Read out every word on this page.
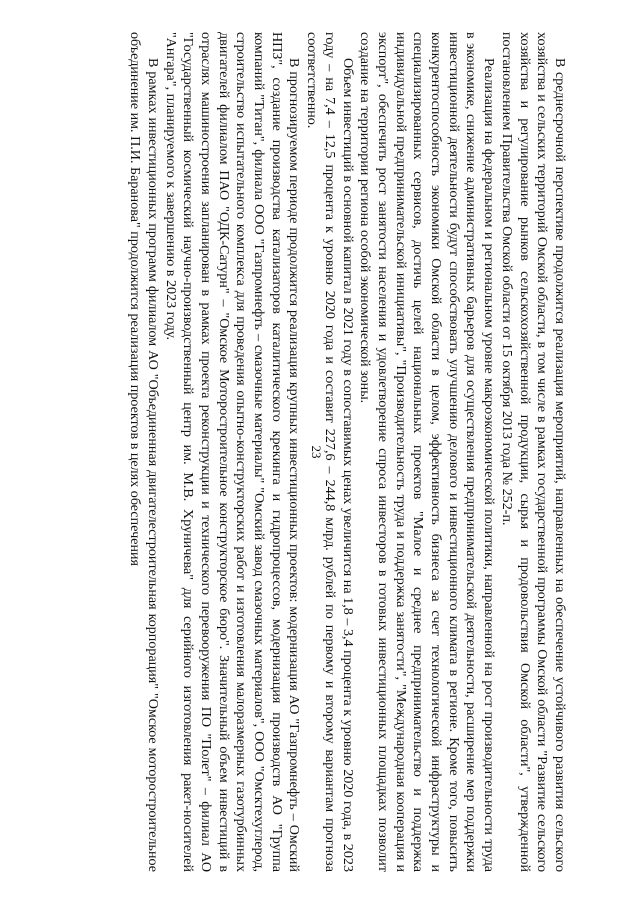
23	В среднесрочной перспективе продолжится реализация мероприятий, направленных на обеспечение устойчивого развития сельского хозяйства и сельских территорий Омской области, в том числе в рамках государственной программы Омской области "Развитие сельского хозяйства и регулирование рынков сельскохозяйственной продукции, сырья и продовольствия Омской области", утвержденной постановлением Правительства Омской области от 15 октября 2013 года № 252-п.

Реализация на федеральном и региональном уровне макроэкономической политики, направленной на рост производительности труда в экономике, снижение административных барьеров для осуществления предпринимательской деятельности, расширение мер поддержки инвестиционной деятельности будут способствовать улучшению делового и инвестиционного климата в регионе. Кроме того, повысить конкурентоспособность экономики Омской области в целом, эффективность бизнеса за счет технологической инфраструктуры и специализированных сервисов, достичь целей национальных проектов "Малое и среднее предпринимательство и поддержка индивидуальной предпринимательской инициативы", "Производительность труда и поддержка занятости", "Международная кооперация и экспорт", обеспечить рост занятости населения и удовлетворение спроса инвесторов в готовых инвестиционных площадках позволит создание на территории региона особой экономической зоны.

Объем инвестиций в основной капитал в 2021 году в сопоставимых ценах увеличится на 1,8 – 3,4 процента к уровню 2020 года, в 2023 году – на 7,4 – 12,5 процента к уровню 2020 года и составит 227,6 – 244,8 млрд. рублей по первому и второму вариантам прогноза соответственно.

В прогнозируемом периоде продолжится реализация крупных инвестиционных проектов: модернизация АО "Газпромнефть – Омский НПЗ", создание производства катализаторов каталитического крекинга и гидропроцессов, модернизация производств АО "Группа компаний "Титан", филиала ООО "Газпромнефть – смазочные материалы" "Омский завод смазочных материалов", ООО "Омсктехуглерод, строительство испытательного комплекса для проведения опытно-конструкторских работ и изготовления малоразмерных газотурбинных двигателей филиалом ПАО "ОДК-Сатурн" – "Омское Моторостроительное конструкторское бюро". Значительный объем инвестиций в отраслях машиностроения запланирован в рамках проекта реконструкции и технического перевооружения ПО "Полет" – филиал АО "Государственный космический научно-производственный центр им. М.В. Хруничева" для серийного изготовления ракет-носителей "Ангара", планируемого к завершению в 2023 году.

В рамках инвестиционных программ филиалом АО "Объединенная двигателестроительная корпорация" "Омское моторостроительное объединение им. П.И. Баранова" продолжится реализация проектов в целях обеспечения
